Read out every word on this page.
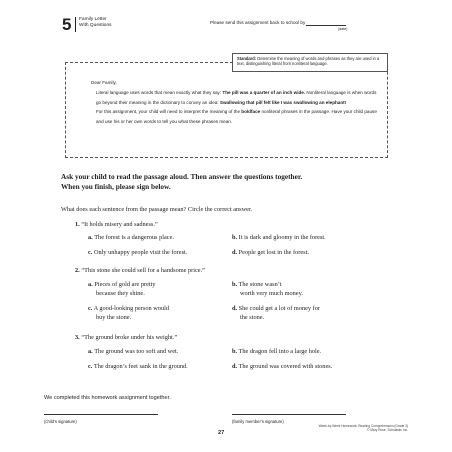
5 Family Letter
With Questions
Please send this assignment back to school by
(date)
Standard: Determine the meaning of words and phrases as they are used in a text, distinguishing literal from nonliteral language.

Dear Family,

Literal language uses words that mean exactly what they say: The pill was a quarter of an inch wide. Nonliteral language is when words go beyond their meaning in the dictionary to convey an idea: Swallowing that pill felt like I was swallowing an elephant!

For this assignment, your child will need to interpret the meaning of the boldface nonliteral phrases in the passage. Have your child pause and use his or her own words to tell you what these phrases mean.

Ask your child to read the passage aloud. Then answer the questions together.
When you finish, please sign below.
What does each sentence from the passage mean? Circle the correct answer.
1. “It holds misery and sadness.”
a. The forest is a dangerous place.	b. It is dark and gloomy in the forest.
c. Only unhappy people visit the forest.	d. People get lost in the forest.
2. “This stone she could sell for a handsome price.”
a. Pieces of gold are pretty
because they shine.
b. The stone wasn’t
worth very much money.
c. A good-looking person would
buy the stone.
d. She could get a lot of money for
the stone.
3. “The ground broke under his weight.”
a. The ground was too soft and wet.	b. The dragon fell into a large hole.
c. The dragon’s feet sank in the ground.	d. The ground was covered with stones.
We completed this homework assignment together.
(child’s signature)	(family member’s signature)
27
Week-by-Week Homework: Reading Comprehension (Grade 3)
© Mary Rose, Scholastic Inc.
